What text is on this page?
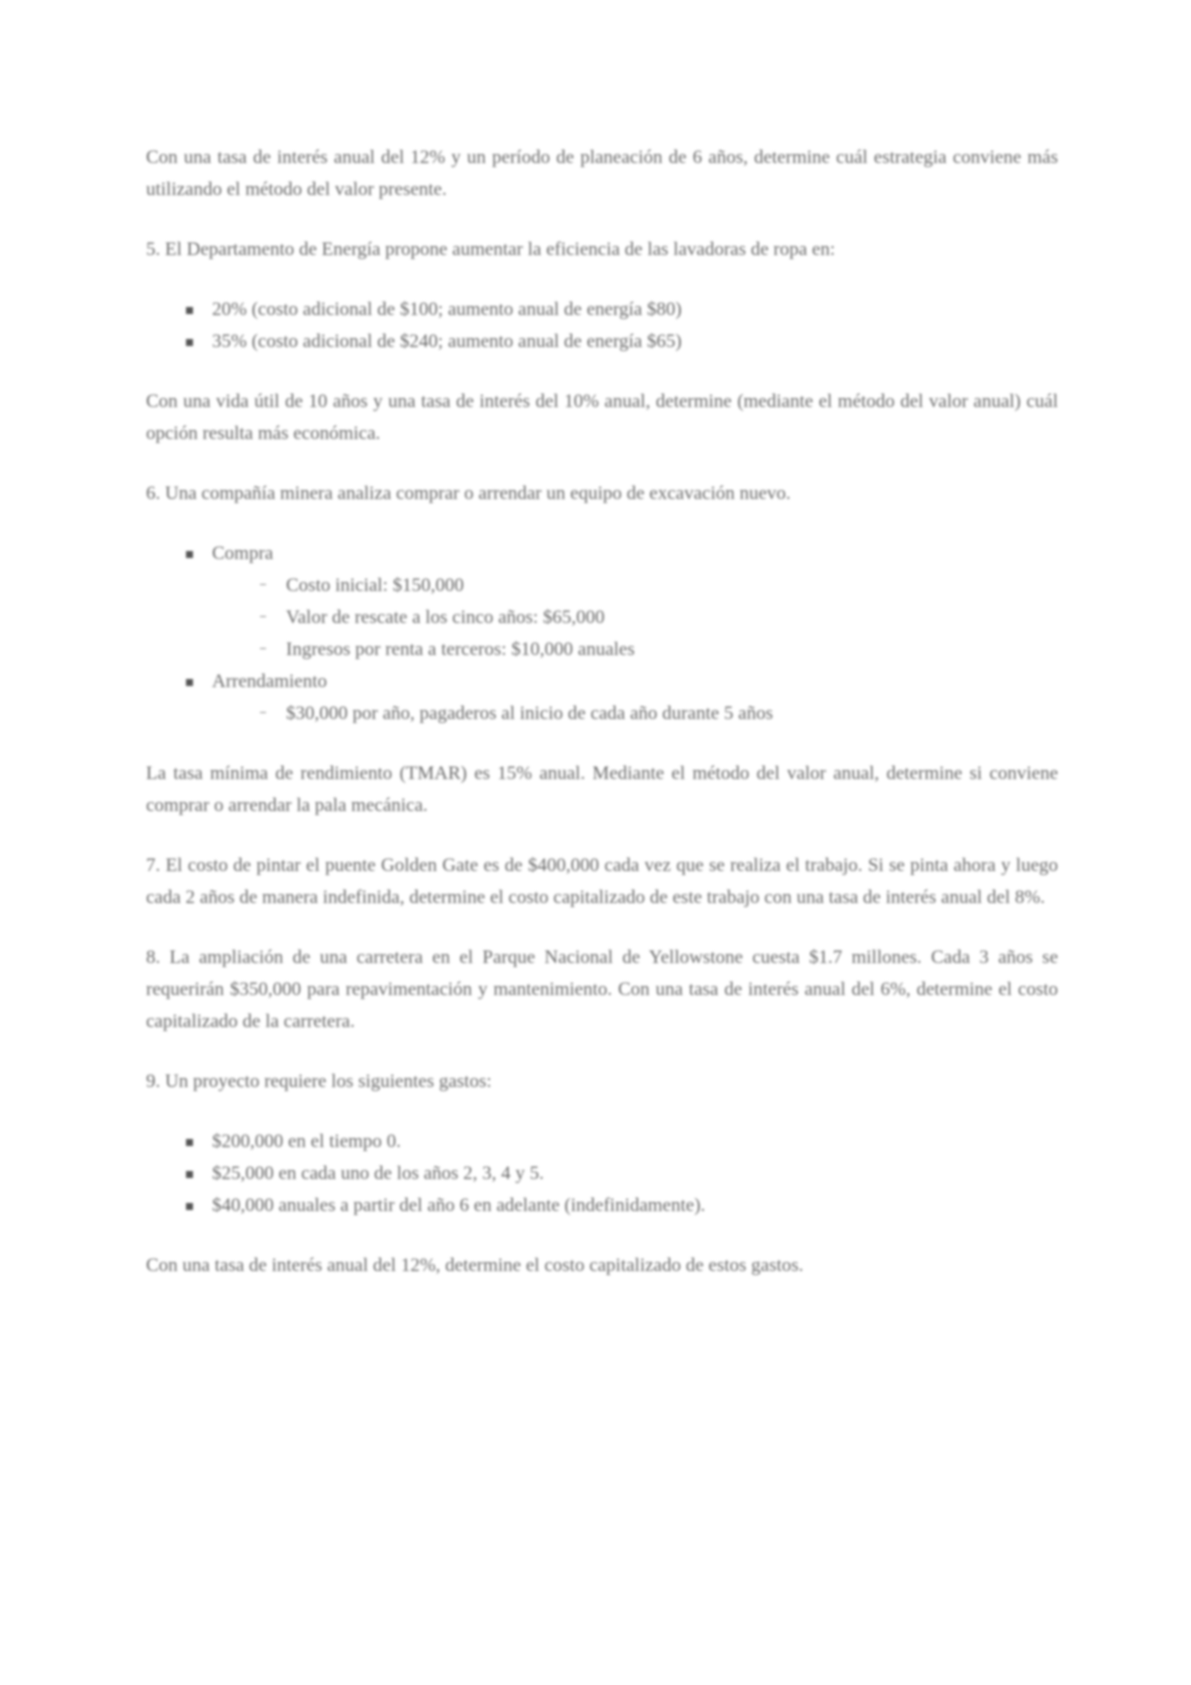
Con una tasa de interés anual del 12% y un período de planeación de 6 años, determine cuál estrategia conviene más utilizando el método del valor presente.

5. El Departamento de Energía propone aumentar la eficiencia de las lavadoras de ropa en:

20% (costo adicional de $100; aumento anual de energía $80)
35% (costo adicional de $240; aumento anual de energía $65)

Con una vida útil de 10 años y una tasa de interés del 10% anual, determine (mediante el método del valor anual) cuál opción resulta más económica.

6. Una compañía minera analiza comprar o arrendar un equipo de excavación nuevo.

Compra
Costo inicial: $150,000
Valor de rescate a los cinco años: $65,000
Ingresos por renta a terceros: $10,000 anuales
Arrendamiento
$30,000 por año, pagaderos al inicio de cada año durante 5 años

La tasa mínima de rendimiento (TMAR) es 15% anual. Mediante el método del valor anual, determine si conviene comprar o arrendar la pala mecánica.

7. El costo de pintar el puente Golden Gate es de $400,000 cada vez que se realiza el trabajo. Si se pinta ahora y luego cada 2 años de manera indefinida, determine el costo capitalizado de este trabajo con una tasa de interés anual del 8%.

8. La ampliación de una carretera en el Parque Nacional de Yellowstone cuesta $1.7 millones. Cada 3 años se requerirán $350,000 para repavimentación y mantenimiento. Con una tasa de interés anual del 6%, determine el costo capitalizado de la carretera.

9. Un proyecto requiere los siguientes gastos:

$200,000 en el tiempo 0.
$25,000 en cada uno de los años 2, 3, 4 y 5.
$40,000 anuales a partir del año 6 en adelante (indefinidamente).

Con una tasa de interés anual del 12%, determine el costo capitalizado de estos gastos.
